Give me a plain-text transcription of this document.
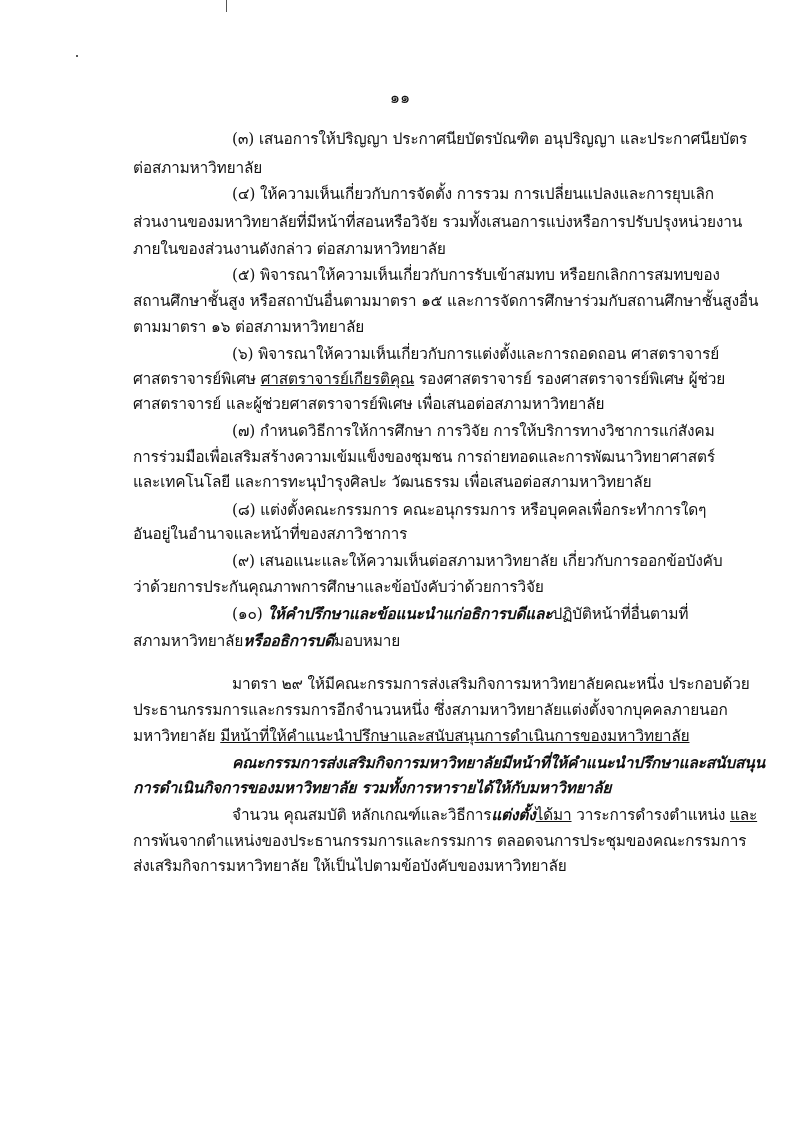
๑๑
(๓) เสนอการให้ปริญญา ประกาศนียบัตรบัณฑิต อนุปริญญา และประกาศนียบัตร
ต่อสภามหาวิทยาลัย
(๔) ให้ความเห็นเกี่ยวกับการจัดตั้ง การรวม การเปลี่ยนแปลงและการยุบเลิก
ส่วนงานของมหาวิทยาลัยที่มีหน้าที่สอนหรือวิจัย รวมทั้งเสนอการแบ่งหรือการปรับปรุงหน่วยงาน
ภายในของส่วนงานดังกล่าว ต่อสภามหาวิทยาลัย
(๕) พิจารณาให้ความเห็นเกี่ยวกับการรับเข้าสมทบ หรือยกเลิกการสมทบของ
สถานศึกษาชั้นสูง หรือสถาบันอื่นตามมาตรา ๑๕ และการจัดการศึกษาร่วมกับสถานศึกษาชั้นสูงอื่น
ตามมาตรา ๑๖ ต่อสภามหาวิทยาลัย
(๖) พิจารณาให้ความเห็นเกี่ยวกับการแต่งตั้งและการถอดถอน ศาสตราจารย์
ศาสตราจารย์พิเศษ ศาสตราจารย์เกียรติคุณ รองศาสตราจารย์ รองศาสตราจารย์พิเศษ ผู้ช่วย
ศาสตราจารย์ และผู้ช่วยศาสตราจารย์พิเศษ เพื่อเสนอต่อสภามหาวิทยาลัย
(๗) กำหนดวิธีการให้การศึกษา การวิจัย การให้บริการทางวิชาการแก่สังคม
การร่วมมือเพื่อเสริมสร้างความเข้มแข็งของชุมชน การถ่ายทอดและการพัฒนาวิทยาศาสตร์
และเทคโนโลยี และการทะนุบำรุงศิลปะ วัฒนธรรม เพื่อเสนอต่อสภามหาวิทยาลัย
(๘) แต่งตั้งคณะกรรมการ คณะอนุกรรมการ หรือบุคคลเพื่อกระทำการใดๆ
อันอยู่ในอำนาจและหน้าที่ของสภาวิชาการ
(๙) เสนอแนะและให้ความเห็นต่อสภามหาวิทยาลัย เกี่ยวกับการออกข้อบังคับ
ว่าด้วยการประกันคุณภาพการศึกษาและข้อบังคับว่าด้วยการวิจัย
(๑๐) ให้คำปรึกษาและข้อแนะนำแก่อธิการบดีและปฏิบัติหน้าที่อื่นตามที่
สภามหาวิทยาลัยหรืออธิการบดีมอบหมาย
มาตรา ๒๙ ให้มีคณะกรรมการส่งเสริมกิจการมหาวิทยาลัยคณะหนึ่ง ประกอบด้วย
ประธานกรรมการและกรรมการอีกจำนวนหนึ่ง ซึ่งสภามหาวิทยาลัยแต่งตั้งจากบุคคลภายนอก
มหาวิทยาลัย มีหน้าที่ให้คำแนะนำปรึกษาและสนับสนุนการดำเนินการของมหาวิทยาลัย
คณะกรรมการส่งเสริมกิจการมหาวิทยาลัยมีหน้าที่ให้คำแนะนำปรึกษาและสนับสนุน
การดำเนินกิจการของมหาวิทยาลัย รวมทั้งการหารายได้ให้กับมหาวิทยาลัย
จำนวน คุณสมบัติ หลักเกณฑ์และวิธีการแต่งตั้งได้มา วาระการดำรงตำแหน่ง และ
การพ้นจากตำแหน่งของประธานกรรมการและกรรมการ ตลอดจนการประชุมของคณะกรรมการ
ส่งเสริมกิจการมหาวิทยาลัย ให้เป็นไปตามข้อบังคับของมหาวิทยาลัย
